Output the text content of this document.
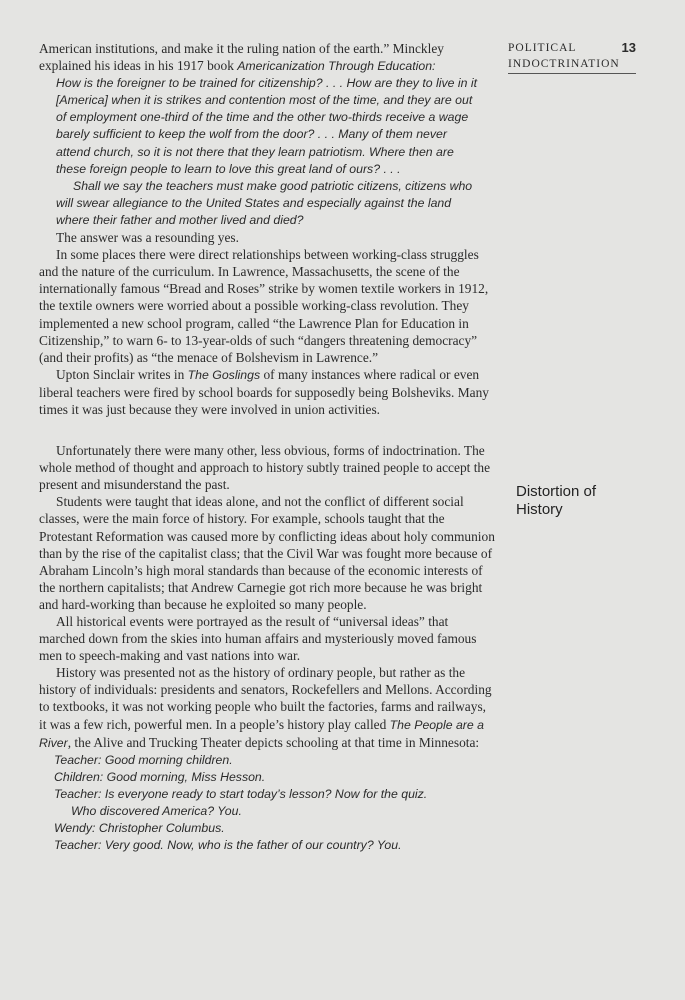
POLITICAL
INDOCTRINATION
13
Distortion of
History

American institutions, and make it the ruling nation of the earth.” Minckley explained his ideas in his 1917 book Americanization Through Education:

How is the foreigner to be trained for citizenship? . . . How are they to live in it [America] when it is strikes and contention most of the time, and they are out of employment one-third of the time and the other two-thirds receive a wage barely sufficient to keep the wolf from the door? . . . Many of them never attend church, so it is not there that they learn patriotism. Where then are these foreign people to learn to love this great land of ours? . . .

Shall we say the teachers must make good patriotic citizens, citizens who will swear allegiance to the United States and especially against the land where their father and mother lived and died?

The answer was a resounding yes.

In some places there were direct relationships between working-class struggles and the nature of the curriculum. In Lawrence, Massachusetts, the scene of the internationally famous “Bread and Roses” strike by women textile workers in 1912, the textile owners were worried about a possible working-class revolution. They implemented a new school program, called “the Lawrence Plan for Education in Citizenship,” to warn 6- to 13-year-olds of such “dangers threatening democracy” (and their profits) as “the menace of Bolshevism in Lawrence.”

Upton Sinclair writes in The Goslings of many instances where radical or even liberal teachers were fired by school boards for supposedly being Bolsheviks. Many times it was just because they were involved in union activities.

Unfortunately there were many other, less obvious, forms of indoctrination. The whole method of thought and approach to history subtly trained people to accept the present and misunderstand the past.

Students were taught that ideas alone, and not the conflict of different social classes, were the main force of history. For example, schools taught that the Protestant Reformation was caused more by conflicting ideas about holy communion than by the rise of the capitalist class; that the Civil War was fought more because of Abraham Lincoln’s high moral standards than because of the economic interests of the northern capitalists; that Andrew Carnegie got rich more because he was bright and hard-working than because he exploited so many people.

All historical events were portrayed as the result of “universal ideas” that marched down from the skies into human affairs and mysteriously moved famous men to speech-making and vast nations into war.

History was presented not as the history of ordinary people, but rather as the history of individuals: presidents and senators, Rockefellers and Mellons. According to textbooks, it was not working people who built the factories, farms and railways, it was a few rich, powerful men. In a people’s history play called The People are a River, the Alive and Trucking Theater depicts schooling at that time in Minnesota:

Teacher: Good morning children.

Children: Good morning, Miss Hesson.

Teacher: Is everyone ready to start today’s lesson? Now for the quiz.

Who discovered America? You.

Wendy: Christopher Columbus.

Teacher: Very good. Now, who is the father of our country? You.
